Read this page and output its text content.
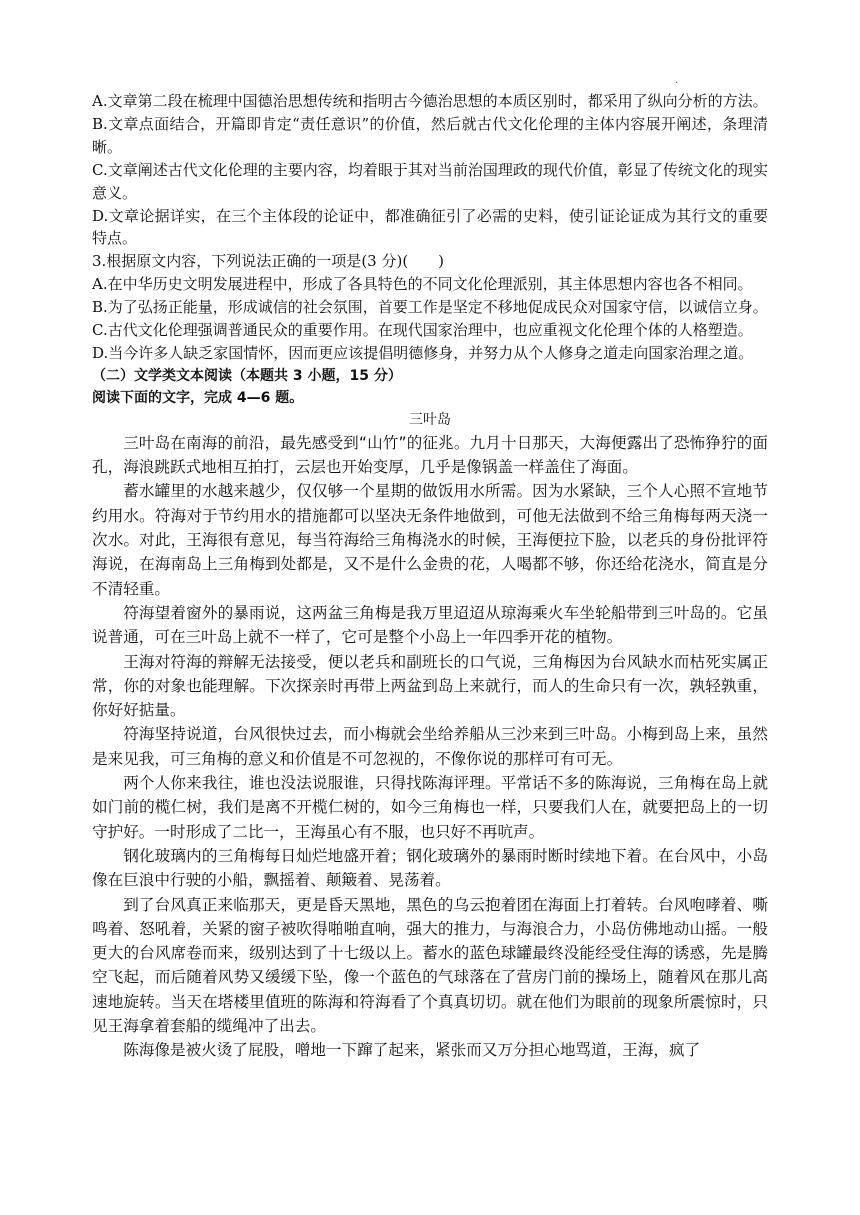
·

A.文章第二段在梳理中国德治思想传统和指明古今德治思想的本质区别时，都采用了纵向分析的方法。

B.文章点面结合，开篇即肯定“责任意识”的价值，然后就古代文化伦理的主体内容展开阐述，条理清晰。

C.文章阐述古代文化伦理的主要内容，均着眼于其对当前治国理政的现代价值，彰显了传统文化的现实意义。

D.文章论据详实，在三个主体段的论证中，都准确征引了必需的史料，使引证论证成为其行文的重要特点。

3.根据原文内容，下列说法正确的一项是(3 分)(　　)

A.在中华历史文明发展进程中，形成了各具特色的不同文化伦理派别，其主体思想内容也各不相同。

B.为了弘扬正能量，形成诚信的社会氛围，首要工作是坚定不移地促成民众对国家守信，以诚信立身。

C.古代文化伦理强调普通民众的重要作用。在现代国家治理中，也应重视文化伦理个体的人格塑造。

D.当今许多人缺乏家国情怀，因而更应该提倡明德修身，并努力从个人修身之道走向国家治理之道。

（二）文学类文本阅读（本题共 3 小题，15 分）

阅读下面的文字，完成 4—6 题。

三叶岛

三叶岛在南海的前沿，最先感受到“山竹”的征兆。九月十日那天，大海便露出了恐怖狰狞的面孔，海浪跳跃式地相互拍打，云层也开始变厚，几乎是像锅盖一样盖住了海面。

蓄水罐里的水越来越少，仅仅够一个星期的做饭用水所需。因为水紧缺，三个人心照不宣地节约用水。符海对于节约用水的措施都可以坚决无条件地做到，可他无法做到不给三角梅每两天浇一次水。对此，王海很有意见，每当符海给三角梅浇水的时候，王海便拉下脸，以老兵的身份批评符海说，在海南岛上三角梅到处都是，又不是什么金贵的花，人喝都不够，你还给花浇水，简直是分不清轻重。

符海望着窗外的暴雨说，这两盆三角梅是我万里迢迢从琼海乘火车坐轮船带到三叶岛的。它虽说普通，可在三叶岛上就不一样了，它可是整个小岛上一年四季开花的植物。

王海对符海的辩解无法接受，便以老兵和副班长的口气说，三角梅因为台风缺水而枯死实属正常，你的对象也能理解。下次探亲时再带上两盆到岛上来就行，而人的生命只有一次，孰轻孰重，你好好掂量。

符海坚持说道，台风很快过去，而小梅就会坐给养船从三沙来到三叶岛。小梅到岛上来，虽然是来见我，可三角梅的意义和价值是不可忽视的，不像你说的那样可有可无。

两个人你来我往，谁也没法说服谁，只得找陈海评理。平常话不多的陈海说，三角梅在岛上就如门前的榄仁树，我们是离不开榄仁树的，如今三角梅也一样，只要我们人在，就要把岛上的一切守护好。一时形成了二比一，王海虽心有不服，也只好不再吭声。

钢化玻璃内的三角梅每日灿烂地盛开着；钢化玻璃外的暴雨时断时续地下着。在台风中，小岛像在巨浪中行驶的小船，飘摇着、颠簸着、晃荡着。

到了台风真正来临那天，更是昏天黑地，黑色的乌云抱着团在海面上打着转。台风咆哮着、嘶鸣着、怒吼着，关紧的窗子被吹得啪啪直响，强大的推力，与海浪合力，小岛仿佛地动山摇。一般更大的台风席卷而来，级别达到了十七级以上。蓄水的蓝色球罐最终没能经受住海的诱惑，先是腾空飞起，而后随着风势又缓缓下坠，像一个蓝色的气球落在了营房门前的操场上，随着风在那儿高速地旋转。当天在塔楼里值班的陈海和符海看了个真真切切。就在他们为眼前的现象所震惊时，只见王海拿着套船的缆绳冲了出去。

陈海像是被火烫了屁股，噌地一下蹿了起来，紧张而又万分担心地骂道，王海，疯了
